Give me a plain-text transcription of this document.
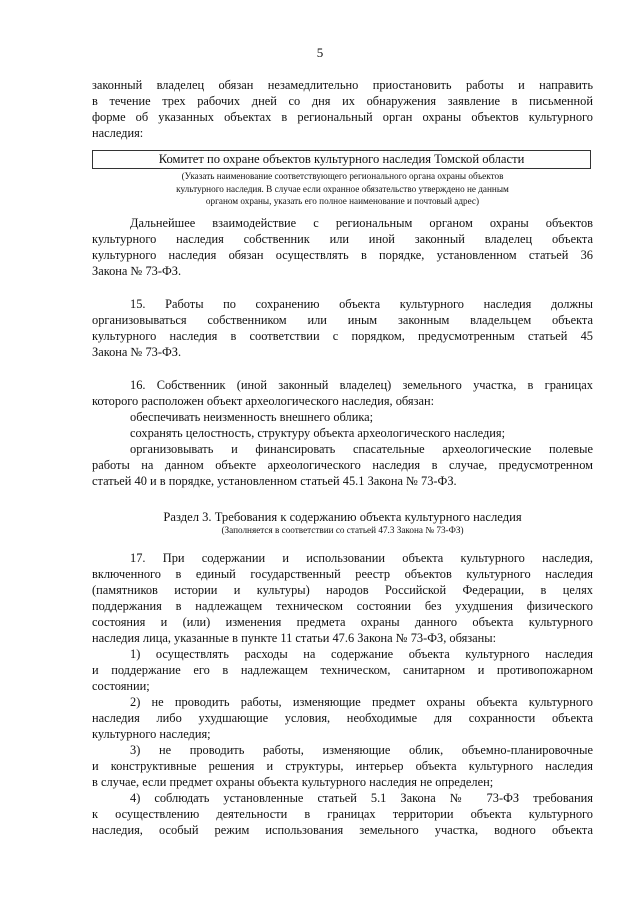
5

законный владелец обязан незамедлительно приостановить работы и направить

в течение трех рабочих дней со дня их обнаружения заявление в письменной

форме об указанных объектах в региональный орган охраны объектов культурного

наследия:

Комитет по охране объектов культурного наследия Томской области

(Указать наименование соответствующего регионального органа охраны объектов

культурного наследия. В случае если охранное обязательство утверждено не данным

органом охраны, указать его полное наименование и почтовый адрес)

Дальнейшее взаимодействие с региональным органом охраны объектов

культурного наследия собственник или иной законный владелец объекта

культурного наследия обязан осуществлять в порядке, установленном статьей 36

Закона № 73-ФЗ.

15. Работы по сохранению объекта культурного наследия должны

организовываться собственником или иным законным владельцем объекта

культурного наследия в соответствии с порядком, предусмотренным статьей 45

Закона № 73-ФЗ.

16. Собственник (иной законный владелец) земельного участка, в границах

которого расположен объект археологического наследия, обязан:

обеспечивать неизменность внешнего облика;

сохранять целостность, структуру объекта археологического наследия;

организовывать и финансировать спасательные археологические полевые

работы на данном объекте археологического наследия в случае, предусмотренном

статьей 40 и в порядке, установленном статьей 45.1 Закона № 73-ФЗ.

Раздел 3. Требования к содержанию объекта культурного наследия
(Заполняется в соответствии со статьей 47.3 Закона № 73-ФЗ)

17. При содержании и использовании объекта культурного наследия,

включенного в единый государственный реестр объектов культурного наследия

(памятников истории и культуры) народов Российской Федерации, в целях

поддержания в надлежащем техническом состоянии без ухудшения физического

состояния и (или) изменения предмета охраны данного объекта культурного

наследия лица, указанные в пункте 11 статьи 47.6 Закона № 73-ФЗ, обязаны:

1) осуществлять расходы на содержание объекта культурного наследия

и поддержание его в надлежащем техническом, санитарном и противопожарном

состоянии;

2) не проводить работы, изменяющие предмет охраны объекта культурного

наследия либо ухудшающие условия, необходимые для сохранности объекта

культурного наследия;

3) не проводить работы, изменяющие облик, объемно-планировочные

и конструктивные решения и структуры, интерьер объекта культурного наследия

в случае, если предмет охраны объекта культурного наследия не определен;

4) соблюдать установленные статьей 5.1 Закона № 73-ФЗ требования

к осуществлению деятельности в границах территории объекта культурного

наследия, особый режим использования земельного участка, водного объекта
